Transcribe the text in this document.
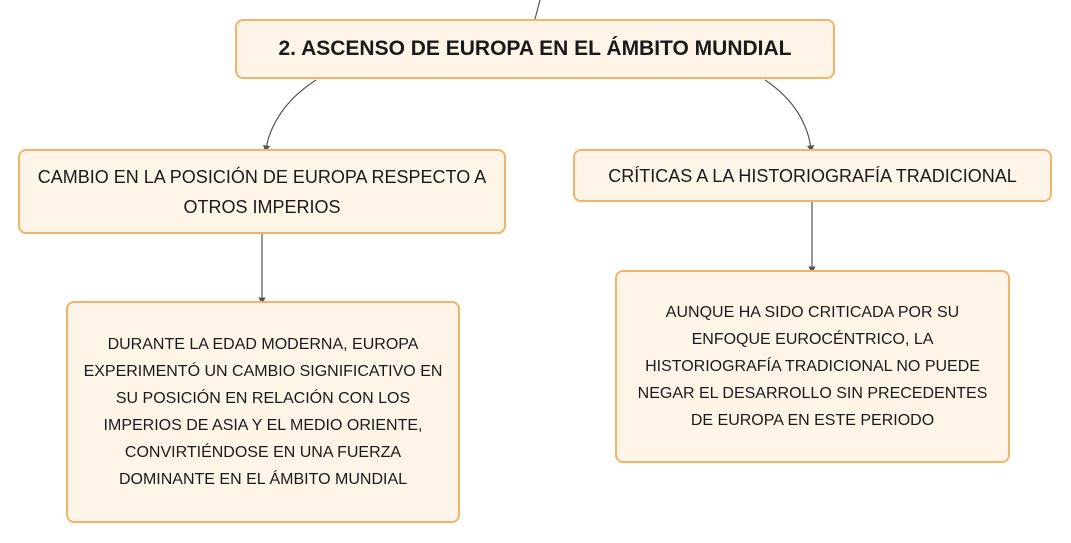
2. ASCENSO DE EUROPA EN EL ÁMBITO MUNDIAL
CAMBIO EN LA POSICIÓN DE EUROPA RESPECTO A OTROS IMPERIOS
CRÍTICAS A LA HISTORIOGRAFÍA TRADICIONAL
DURANTE LA EDAD MODERNA, EUROPA EXPERIMENTÓ UN CAMBIO SIGNIFICATIVO EN SU POSICIÓN EN RELACIÓN CON LOS IMPERIOS DE ASIA Y EL MEDIO ORIENTE, CONVIRTIÉNDOSE EN UNA FUERZA DOMINANTE EN EL ÁMBITO MUNDIAL
AUNQUE HA SIDO CRITICADA POR SU ENFOQUE EUROCÉNTRICO, LA HISTORIOGRAFÍA TRADICIONAL NO PUEDE NEGAR EL DESARROLLO SIN PRECEDENTES DE EUROPA EN ESTE PERIODO
